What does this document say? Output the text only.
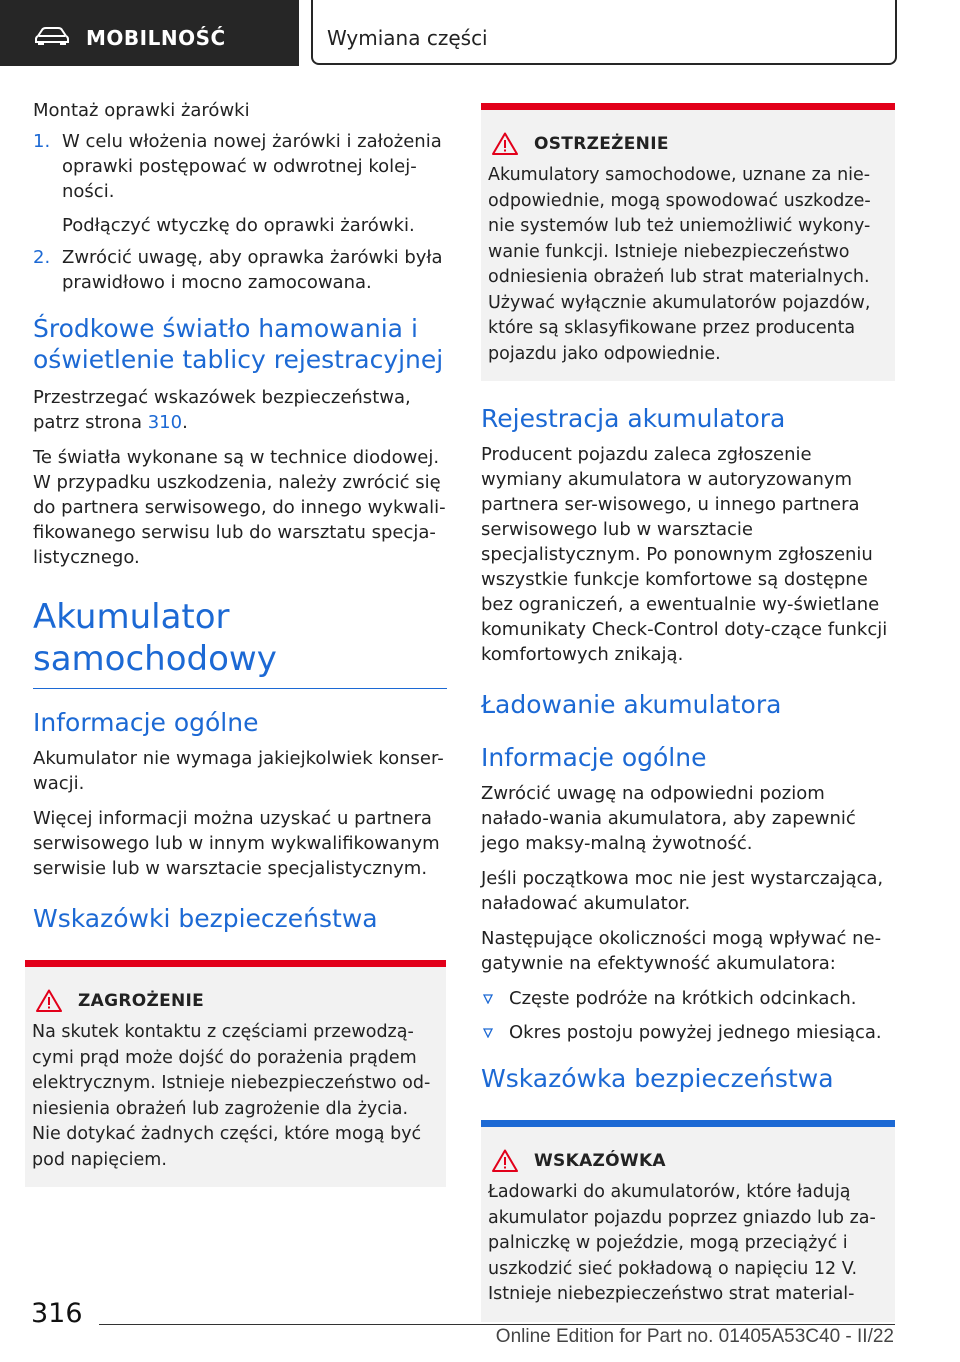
MOBILNOŚĆ	Wymiana części

Montaż oprawki żarówki

1. W celu włożenia nowej żarówki i założenia oprawki postępować w odwrotnej kolej-ności.
Podłączyć wtyczkę do oprawki żarówki.
2. Zwrócić uwagę, aby oprawka żarówki była prawidłowo i mocno zamocowana.
Środkowe światło hamowania i oświetlenie tablicy rejestracyjnej

Przestrzegać wskazówek bezpieczeństwa, patrz strona 310.

Te światła wykonane są w technice diodowej. W przypadku uszkodzenia, należy zwrócić się do partnera serwisowego, do innego wykwali-fikowanego serwisu lub do warsztatu specja-listycznego.

Akumulator samochodowy
Informacje ogólne

Akumulator nie wymaga jakiejkolwiek konser-wacji.

Więcej informacji można uzyskać u partnera serwisowego lub w innym wykwalifikowanym serwisie lub w warsztacie specjalistycznym.

Wskazówki bezpieczeństwa
ZAGROŻENIE

Na skutek kontaktu z częściami przewodzą-cymi prąd może dojść do porażenia prądem elektrycznym. Istnieje niebezpieczeństwo od-niesienia obrażeń lub zagrożenie dla życia. Nie dotykać żadnych części, które mogą być pod napięciem.

OSTRZEŻENIE

Akumulatory samochodowe, uznane za nie-odpowiednie, mogą spowodować uszkodze-nie systemów lub też uniemożliwić wykony-wanie funkcji. Istnieje niebezpieczeństwo odniesienia obrażeń lub strat materialnych. Używać wyłącznie akumulatorów pojazdów, które są sklasyfikowane przez producenta pojazdu jako odpowiednie.

Rejestracja akumulatora

Producent pojazdu zaleca zgłoszenie wymiany akumulatora w autoryzowanym partnera ser-wisowego, u innego partnera serwisowego lub w warsztacie specjalistycznym. Po ponownym zgłoszeniu wszystkie funkcje komfortowe są dostępne bez ograniczeń, a ewentualnie wy-świetlane komunikaty Check-Control doty-czące funkcji komfortowych znikają.

Ładowanie akumulatora
Informacje ogólne

Zwrócić uwagę na odpowiedni poziom nałado-wania akumulatora, aby zapewnić jego maksy-malną żywotność.

Jeśli początkowa moc nie jest wystarczająca, naładować akumulator.

Następujące okoliczności mogą wpływać ne-gatywnie na efektywność akumulatora:

Częste podróże na krótkich odcinkach.
Okres postoju powyżej jednego miesiąca.
Wskazówka bezpieczeństwa
WSKAZÓWKA

Ładowarki do akumulatorów, które ładują akumulator pojazdu poprzez gniazdo lub za-palniczkę w pojeździe, mogą przeciążyć i uszkodzić sieć pokładową o napięciu 12 V. Istnieje niebezpieczeństwo strat material-

316
Online Edition for Part no. 01405A53C40 - II/22
